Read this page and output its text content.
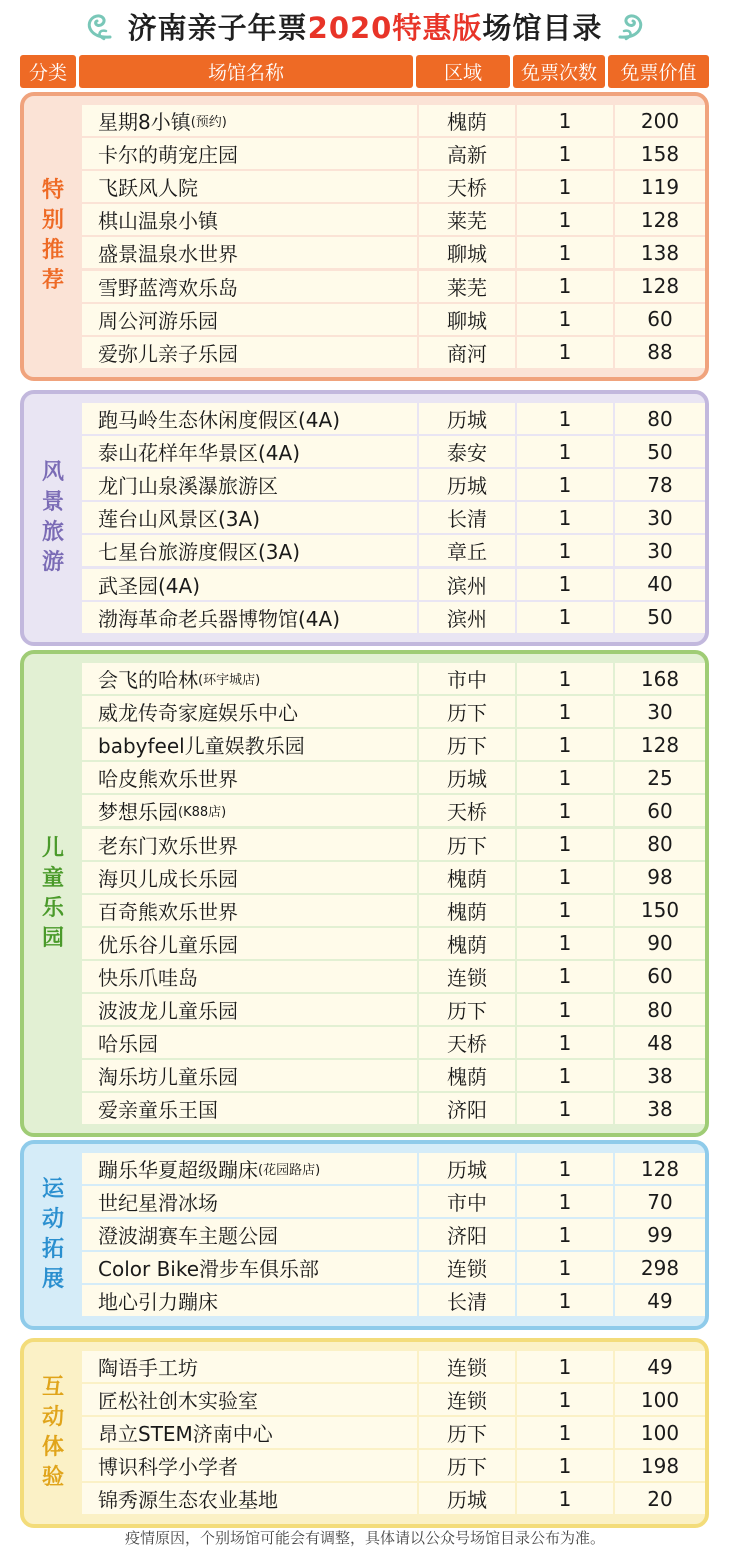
济南亲子年票 2020特惠版 场馆目录
分类	场馆名称	区域	免票次数	免票价值
特
别
推
荐
星期8小镇 (预约)	槐荫	1	200
卡尔的萌宠庄园	高新	1	158
飞跃风人院	天桥	1	119
棋山温泉小镇	莱芜	1	128
盛景温泉水世界	聊城	1	138
雪野蓝湾欢乐岛	莱芜	1	128
周公河游乐园	聊城	1	60
爱弥儿亲子乐园	商河	1	88
风
景
旅
游
跑马岭生态休闲度假区(4A)	历城	1	80
泰山花样年华景区(4A)	泰安	1	50
龙门山泉溪瀑旅游区	历城	1	78
莲台山风景区(3A)	长清	1	30
七星台旅游度假区(3A)	章丘	1	30
武圣园(4A)	滨州	1	40
渤海革命老兵器博物馆(4A)	滨州	1	50
儿
童
乐
园
会飞的哈林 (环宇城店)	市中	1	168
威龙传奇家庭娱乐中心	历下	1	30
babyfeel儿童娱教乐园	历下	1	128
哈皮熊欢乐世界	历城	1	25
梦想乐园 (K88店)	天桥	1	60
老东门欢乐世界	历下	1	80
海贝儿成长乐园	槐荫	1	98
百奇熊欢乐世界	槐荫	1	150
优乐谷儿童乐园	槐荫	1	90
快乐爪哇岛	连锁	1	60
波波龙儿童乐园	历下	1	80
哈乐园	天桥	1	48
淘乐坊儿童乐园	槐荫	1	38
爱亲童乐王国	济阳	1	38
运
动
拓
展
蹦乐华夏超级蹦床 (花园路店)	历城	1	128
世纪星滑冰场	市中	1	70
澄波湖赛车主题公园	济阳	1	99
Color Bike滑步车俱乐部	连锁	1	298
地心引力蹦床	长清	1	49
互
动
体
验
陶语手工坊	连锁	1	49
匠松社创木实验室	连锁	1	100
昂立STEM济南中心	历下	1	100
博识科学小学者	历下	1	198
锦秀源生态农业基地	历城	1	20
疫情原因，个别场馆可能会有调整，具体请以公众号场馆目录公布为准。
